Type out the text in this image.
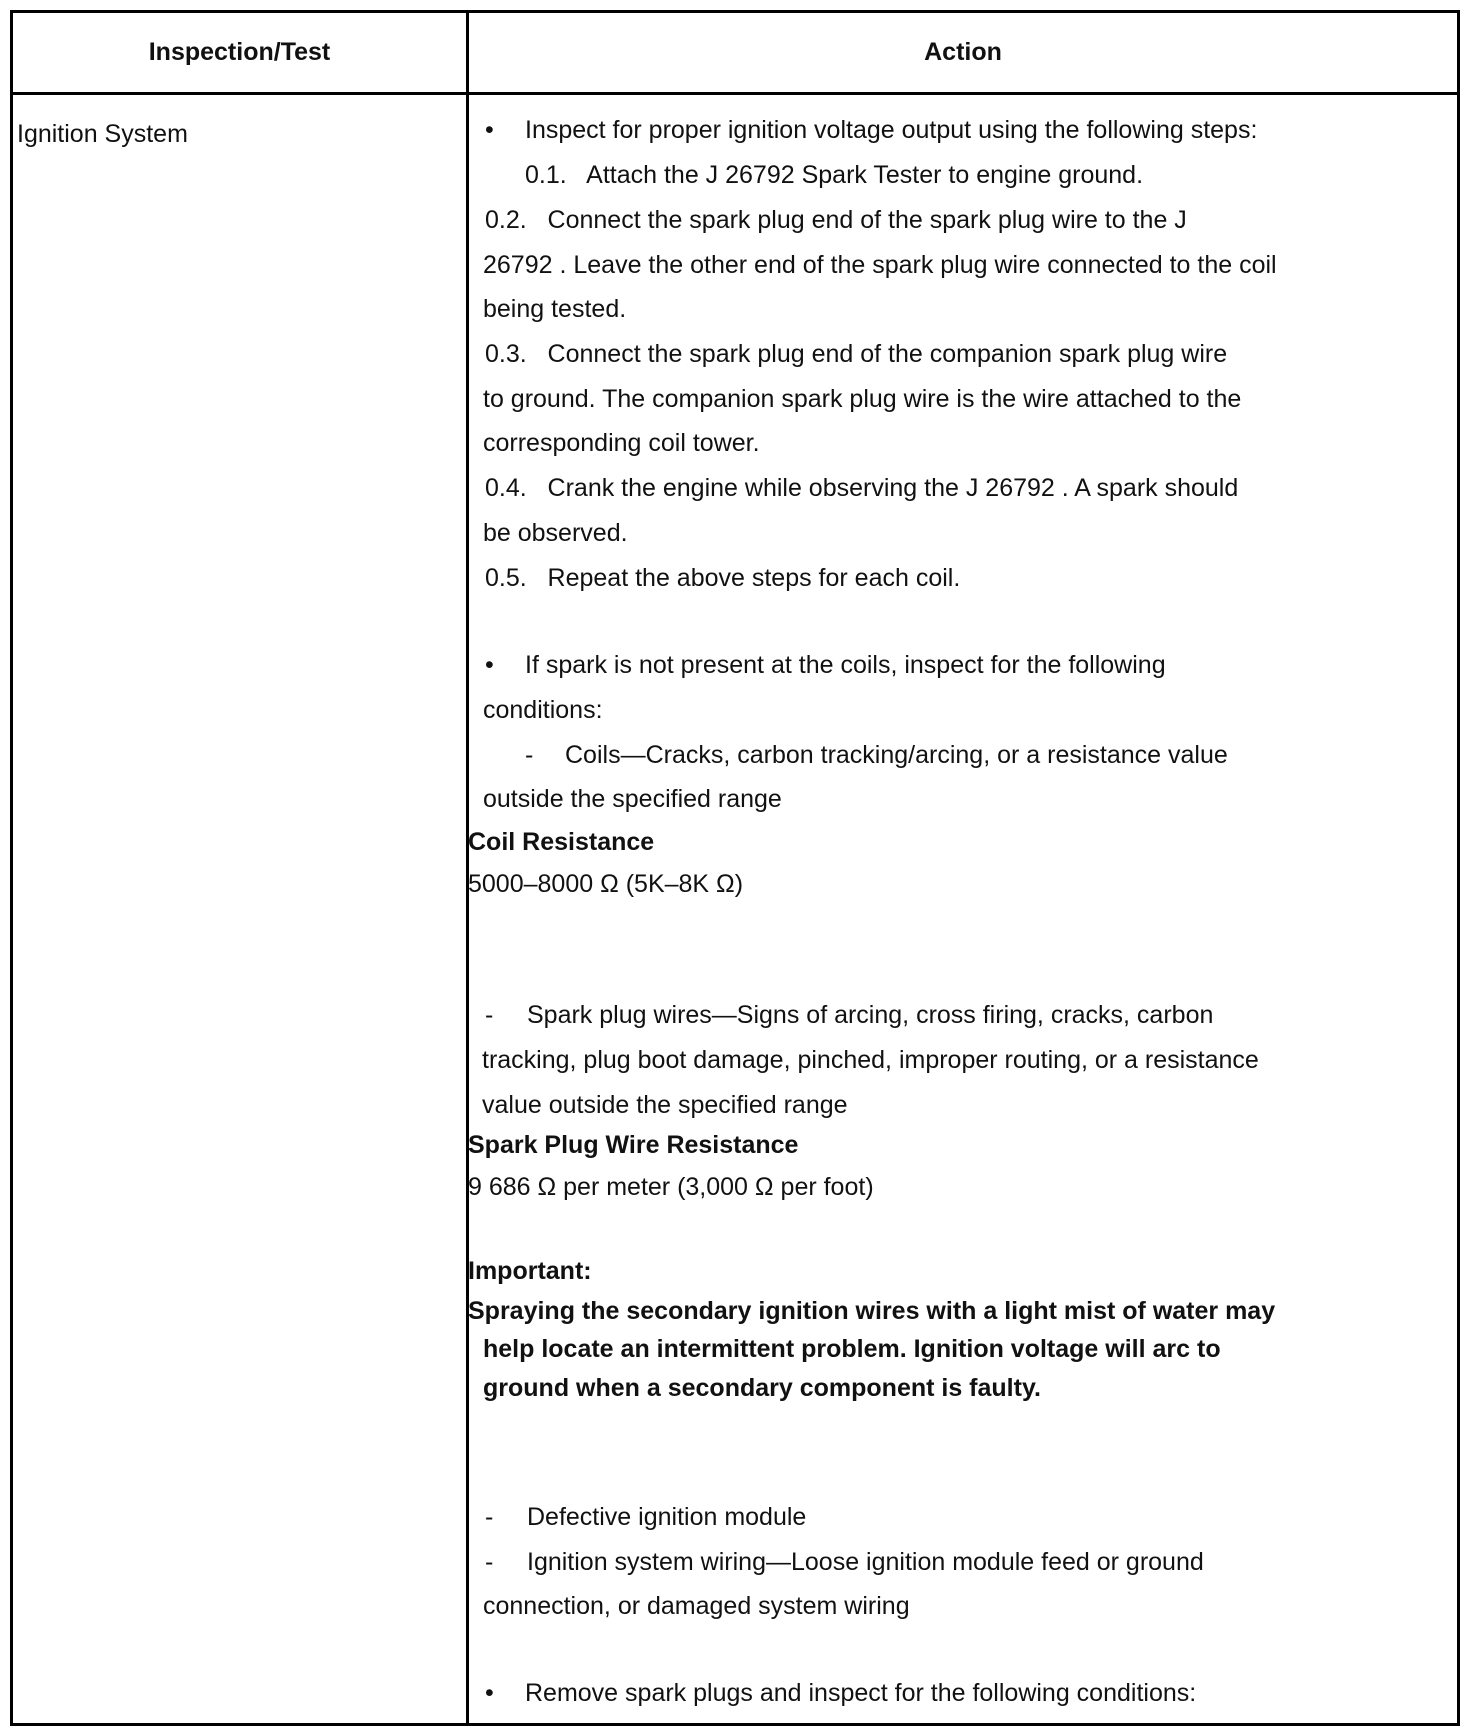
Inspection/Test	Action
Ignition System	• Inspect for proper ignition voltage output using the following steps:
0.1.   Attach the J 26792 Spark Tester to engine ground.
0.2.   Connect the spark plug end of the spark plug wire to the J
26792 . Leave the other end of the spark plug wire connected to the coil
being tested.
0.3.   Connect the spark plug end of the companion spark plug wire
to ground. The companion spark plug wire is the wire attached to the
corresponding coil tower.
0.4.   Crank the engine while observing the J 26792 . A spark should
be observed.
0.5.   Repeat the above steps for each coil.
• If spark is not present at the coils, inspect for the following
conditions:
- Coils—Cracks, carbon tracking/arcing, or a resistance value
outside the specified range
Coil Resistance
5000–8000 Ω (5K–8K Ω)
- Spark plug wires—Signs of arcing, cross firing, cracks, carbon
tracking, plug boot damage, pinched, improper routing, or a resistance
value outside the specified range
Spark Plug Wire Resistance
9 686 Ω per meter (3,000 Ω per foot)
Important:
Spraying the secondary ignition wires with a light mist of water may
help locate an intermittent problem. Ignition voltage will arc to
ground when a secondary component is faulty.
- Defective ignition module
- Ignition system wiring—Loose ignition module feed or ground
connection, or damaged system wiring
• Remove spark plugs and inspect for the following conditions:
